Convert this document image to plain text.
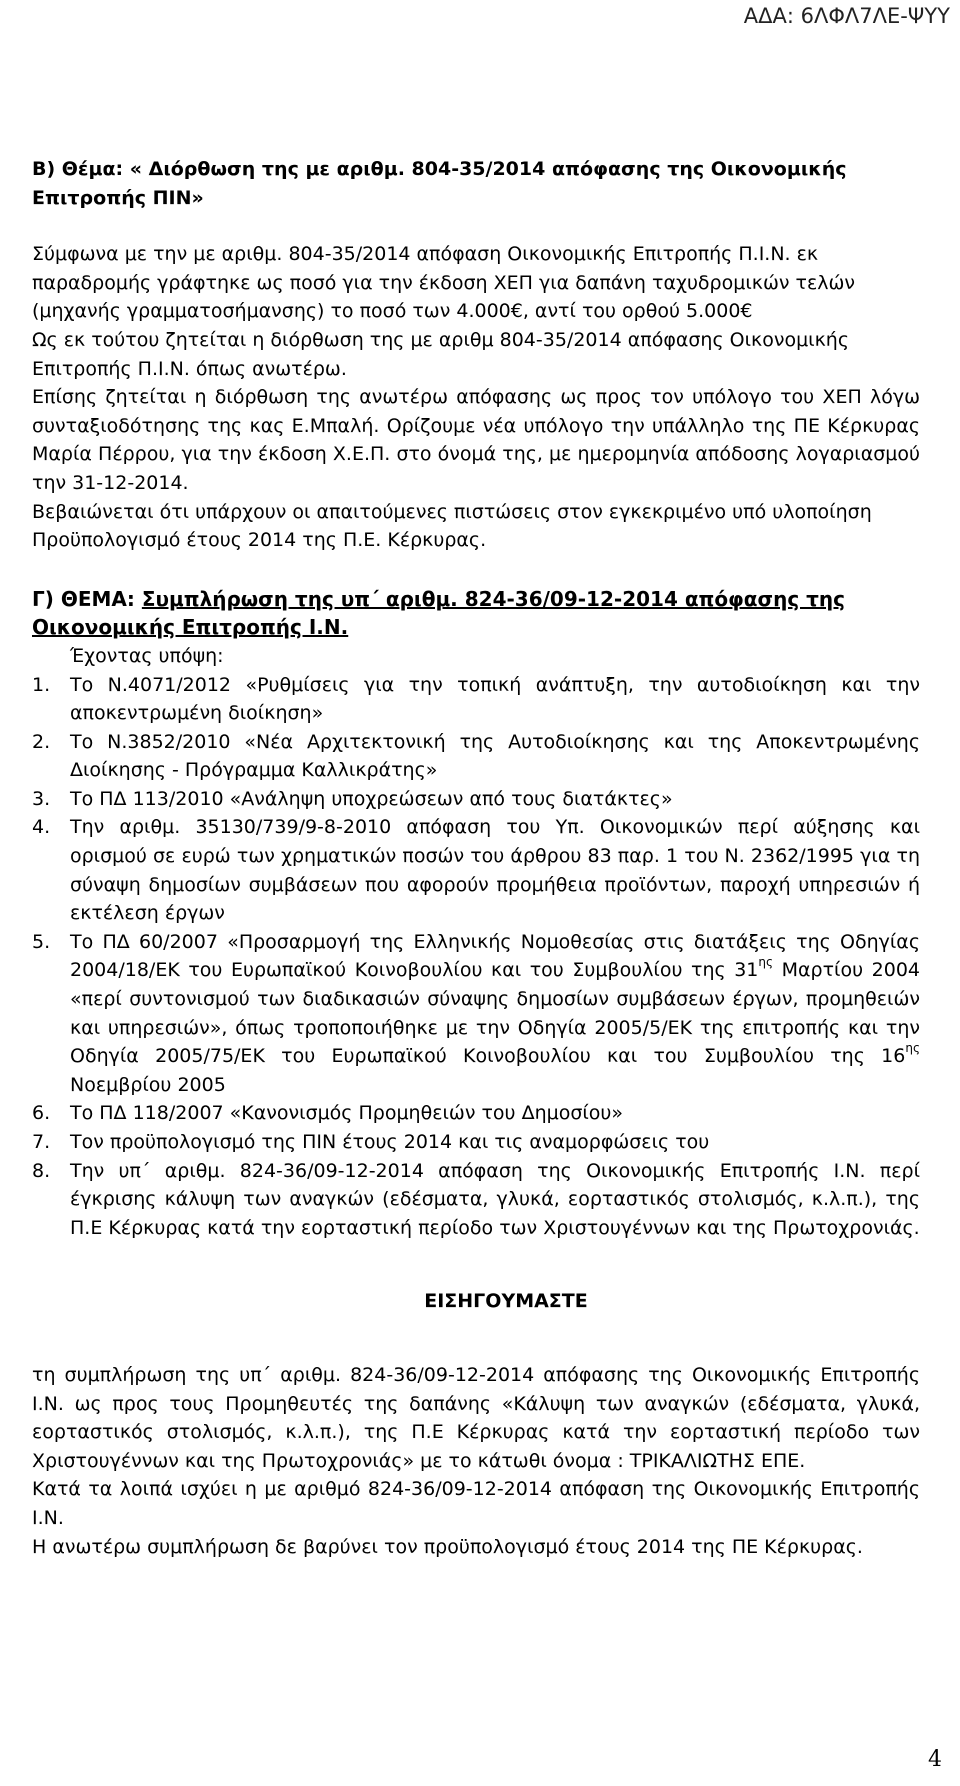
ΑΔΑ: 6ΛΦΛ7ΛΕ-ΨΥΥ

Β) Θέμα: « Διόρθωση της με αριθμ. 804-35/2014 απόφασης της Οικονομικής Επιτροπής ΠΙΝ»

Σύμφωνα με την με αριθμ. 804-35/2014 απόφαση Οικονομικής Επιτροπής Π.Ι.Ν. εκ παραδρομής γράφτηκε ως ποσό για την έκδοση ΧΕΠ για δαπάνη ταχυδρομικών τελών (μηχανής γραμματοσήμανσης) το ποσό των 4.000€, αντί του ορθού 5.000€

Ως εκ τούτου ζητείται η διόρθωση της με αριθμ 804-35/2014 απόφασης Οικονομικής Επιτροπής Π.Ι.Ν. όπως ανωτέρω.

Επίσης ζητείται η διόρθωση της ανωτέρω απόφασης ως προς τον υπόλογο του ΧΕΠ λόγω συνταξιοδότησης της κας Ε.Μπαλή. Ορίζουμε νέα υπόλογο την υπάλληλο της ΠΕ Κέρκυρας Μαρία Πέρρου, για την έκδοση Χ.Ε.Π. στο όνομά της, με ημερομηνία απόδοσης λογαριασμού την 31-12-2014.

Βεβαιώνεται ότι υπάρχουν οι απαιτούμενες πιστώσεις στον εγκεκριμένο υπό υλοποίηση Προϋπολογισμό έτους 2014 της Π.Ε. Κέρκυρας.

Γ) ΘΕΜΑ: Συμπλήρωση της υπ΄ αριθμ. 824-36/09-12-2014 απόφασης της Οικονομικής Επιτροπής Ι.Ν.

Έχοντας υπόψη:

1. Το Ν.4071/2012 «Ρυθμίσεις για την τοπική ανάπτυξη, την αυτοδιοίκηση και την αποκεντρωμένη διοίκηση»
2. Το Ν.3852/2010 «Νέα Αρχιτεκτονική της Αυτοδιοίκησης και της Αποκεντρωμένης Διοίκησης - Πρόγραμμα Καλλικράτης»
3. Το ΠΔ 113/2010 «Ανάληψη υποχρεώσεων από τους διατάκτες»
4. Την αριθμ. 35130/739/9-8-2010 απόφαση του Υπ. Οικονομικών περί αύξησης και ορισμού σε ευρώ των χρηματικών ποσών του άρθρου 83 παρ. 1 του Ν. 2362/1995 για τη σύναψη δημοσίων συμβάσεων που αφορούν προμήθεια προϊόντων, παροχή υπηρεσιών ή εκτέλεση έργων
5. Το ΠΔ 60/2007 «Προσαρμογή της Ελληνικής Νομοθεσίας στις διατάξεις της Οδηγίας 2004/18/ΕΚ του Ευρωπαϊκού Κοινοβουλίου και του Συμβουλίου της $31^{\eta\varsigma}$ Μαρτίου 2004 «περί συντονισμού των διαδικασιών σύναψης δημοσίων συμβάσεων έργων, προμηθειών και υπηρεσιών», όπως τροποποιήθηκε με την Οδηγία 2005/5/ΕΚ της επιτροπής και την Οδηγία 2005/75/ΕΚ του Ευρωπαϊκού Κοινοβουλίου και του Συμβουλίου της $16^{\eta\varsigma}$ Νοεμβρίου 2005
6. Το ΠΔ 118/2007 «Κανονισμός Προμηθειών του Δημοσίου»
7. Τον προϋπολογισμό της ΠΙΝ έτους 2014 και τις αναμορφώσεις του
8. Την υπ΄ αριθμ. 824-36/09-12-2014 απόφαση της Οικονομικής Επιτροπής Ι.Ν. περί έγκρισης κάλυψη των αναγκών (εδέσματα, γλυκά, εορταστικός στολισμός, κ.λ.π.), της Π.Ε Κέρκυρας κατά την εορταστική περίοδο των Χριστουγέννων και της Πρωτοχρονιάς.

ΕΙΣΗΓΟΥΜΑΣΤΕ

τη συμπλήρωση της υπ΄ αριθμ. 824-36/09-12-2014 απόφασης της Οικονομικής Επιτροπής Ι.Ν. ως προς τους Προμηθευτές της δαπάνης «Κάλυψη των αναγκών (εδέσματα, γλυκά, εορταστικός στολισμός, κ.λ.π.), της Π.Ε Κέρκυρας κατά την εορταστική περίοδο των Χριστουγέννων και της Πρωτοχρονιάς» με το κάτωθι όνομα : ΤΡΙΚΑΛΙΩΤΗΣ ΕΠΕ.

Κατά τα λοιπά ισχύει η με αριθμό 824-36/09-12-2014 απόφαση της Οικονομικής Επιτροπής Ι.Ν.

Η ανωτέρω συμπλήρωση δε βαρύνει τον προϋπολογισμό έτους 2014 της ΠΕ Κέρκυρας.

4
